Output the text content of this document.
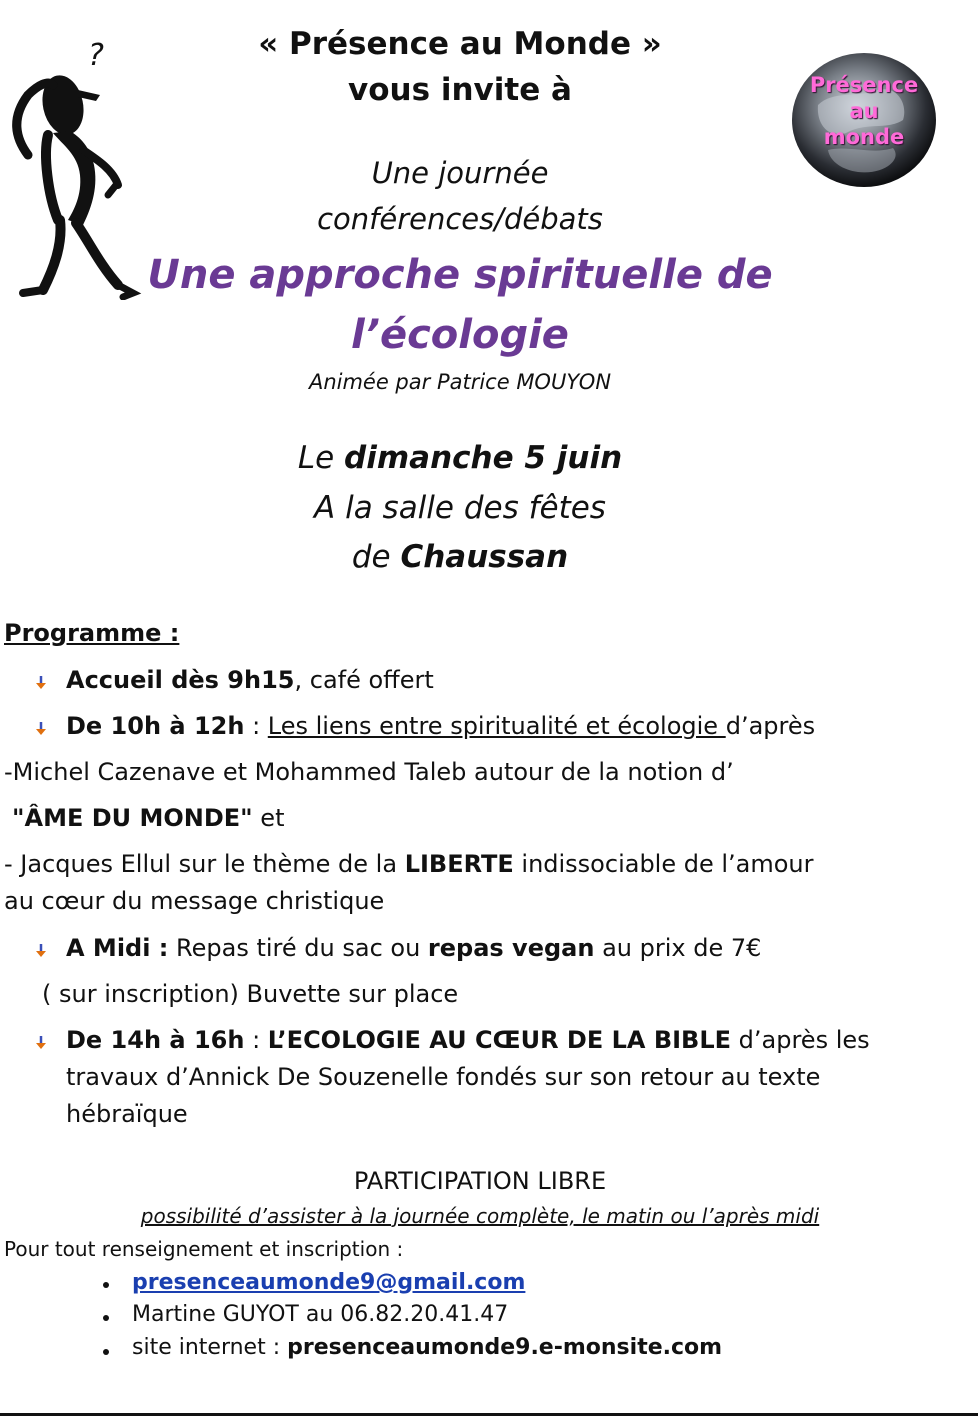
?
Présence
au
monde
« Présence au Monde »
vous invite à
Une journée
conférences/débats
Une approche spirituelle de
l’écologie
Animée par Patrice MOUYON
Le dimanche 5 juin
A la salle des fêtes
de Chaussan
Programme :
Accueil dès 9h15, café offert
De 10h à 12h : Les liens entre spiritualité et écologie d’après
-Michel Cazenave et Mohammed Taleb autour de la notion d’
"ÂME DU MONDE" et
- Jacques Ellul sur le thème de la LIBERTE indissociable de l’amour
au cœur du message christique
A Midi : Repas tiré du sac ou repas vegan au prix de 7€
( sur inscription) Buvette sur place
De 14h à 16h : L’ECOLOGIE AU CŒUR DE LA BIBLE d’après les
travaux d’Annick De Souzenelle fondés sur son retour au texte
hébraïque
PARTICIPATION LIBRE
possibilité d’assister à la journée complète, le matin ou l’après midi
Pour tout renseignement et inscription :
presenceaumonde9@gmail.com
Martine GUYOT au 06.82.20.41.47
site internet : presenceaumonde9.e-monsite.com
